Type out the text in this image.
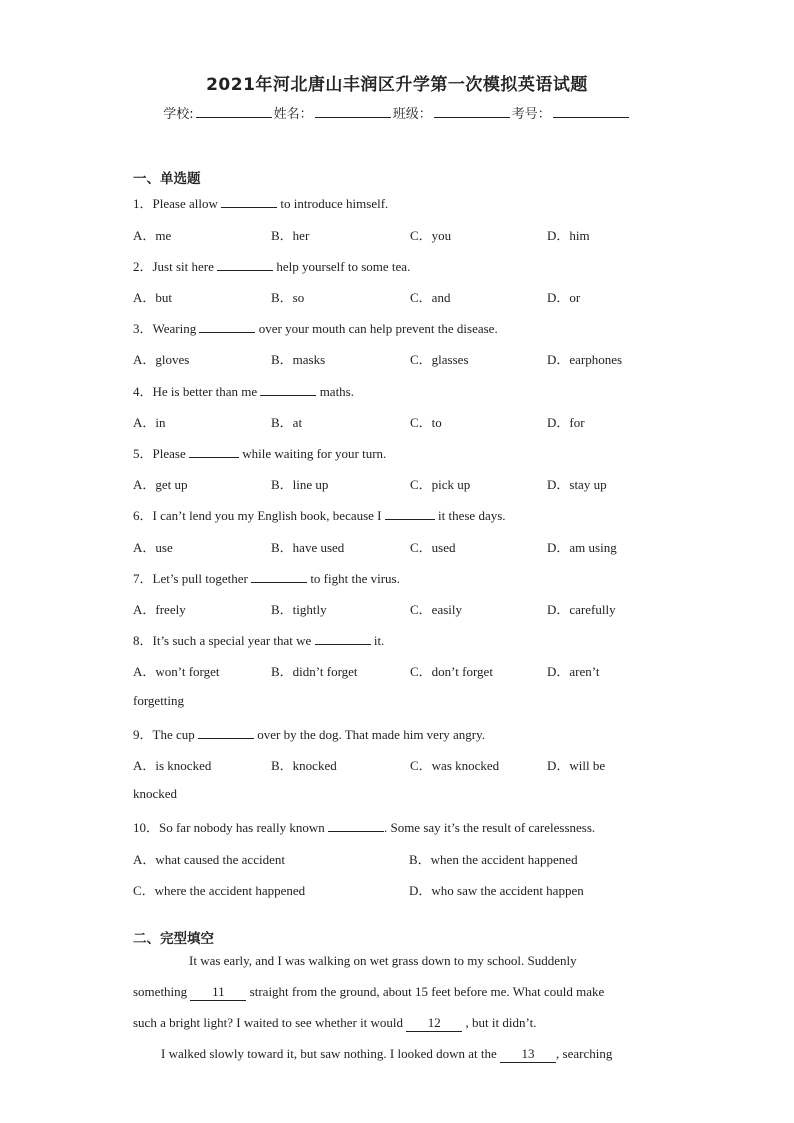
2021年河北唐山丰润区升学第一次模拟英语试题
学校:	姓名：	班级：	考号：
一、单选题
1．Please allow	to introduce himself.
A．me	B．her	C．you	D．him
2．Just sit here	help yourself to some tea.
A．but	B．so	C．and	D．or
3．Wearing	over your mouth can help prevent the disease.
A．gloves	B．masks	C．glasses	D．earphones
4．He is better than me	maths.
A．in	B．at	C．to	D．for
5．Please	while waiting for your turn.
A．get up	B．line up	C．pick up	D．stay up
6．I can’t lend you my English book, because I	it these days.
A．use	B．have used	C．used	D．am using
7．Let’s pull together	to fight the virus.
A．freely	B．tightly	C．easily	D．carefully
8．It’s such a special year that we	it.
A．won’t forget	B．didn’t forget	C．don’t forget	D．aren’t
forgetting
9．The cup	over by the dog. That made him very angry.
A．is knocked	B．knocked	C．was knocked	D．will be
knocked
10．So far nobody has really known	. Some say it’s the result of carelessness.
A．what caused the accident	B．when the accident happened
C．where the accident happened	D．who saw the accident happen
二、完型填空
It was early, and I was walking on wet grass down to my school. Suddenly
something 11 straight from the ground, about 15 feet before me. What could make
such a bright light? I waited to see whether it would 12 , but it didn’t.
I walked slowly toward it, but saw nothing. I looked down at the 13 , searching
